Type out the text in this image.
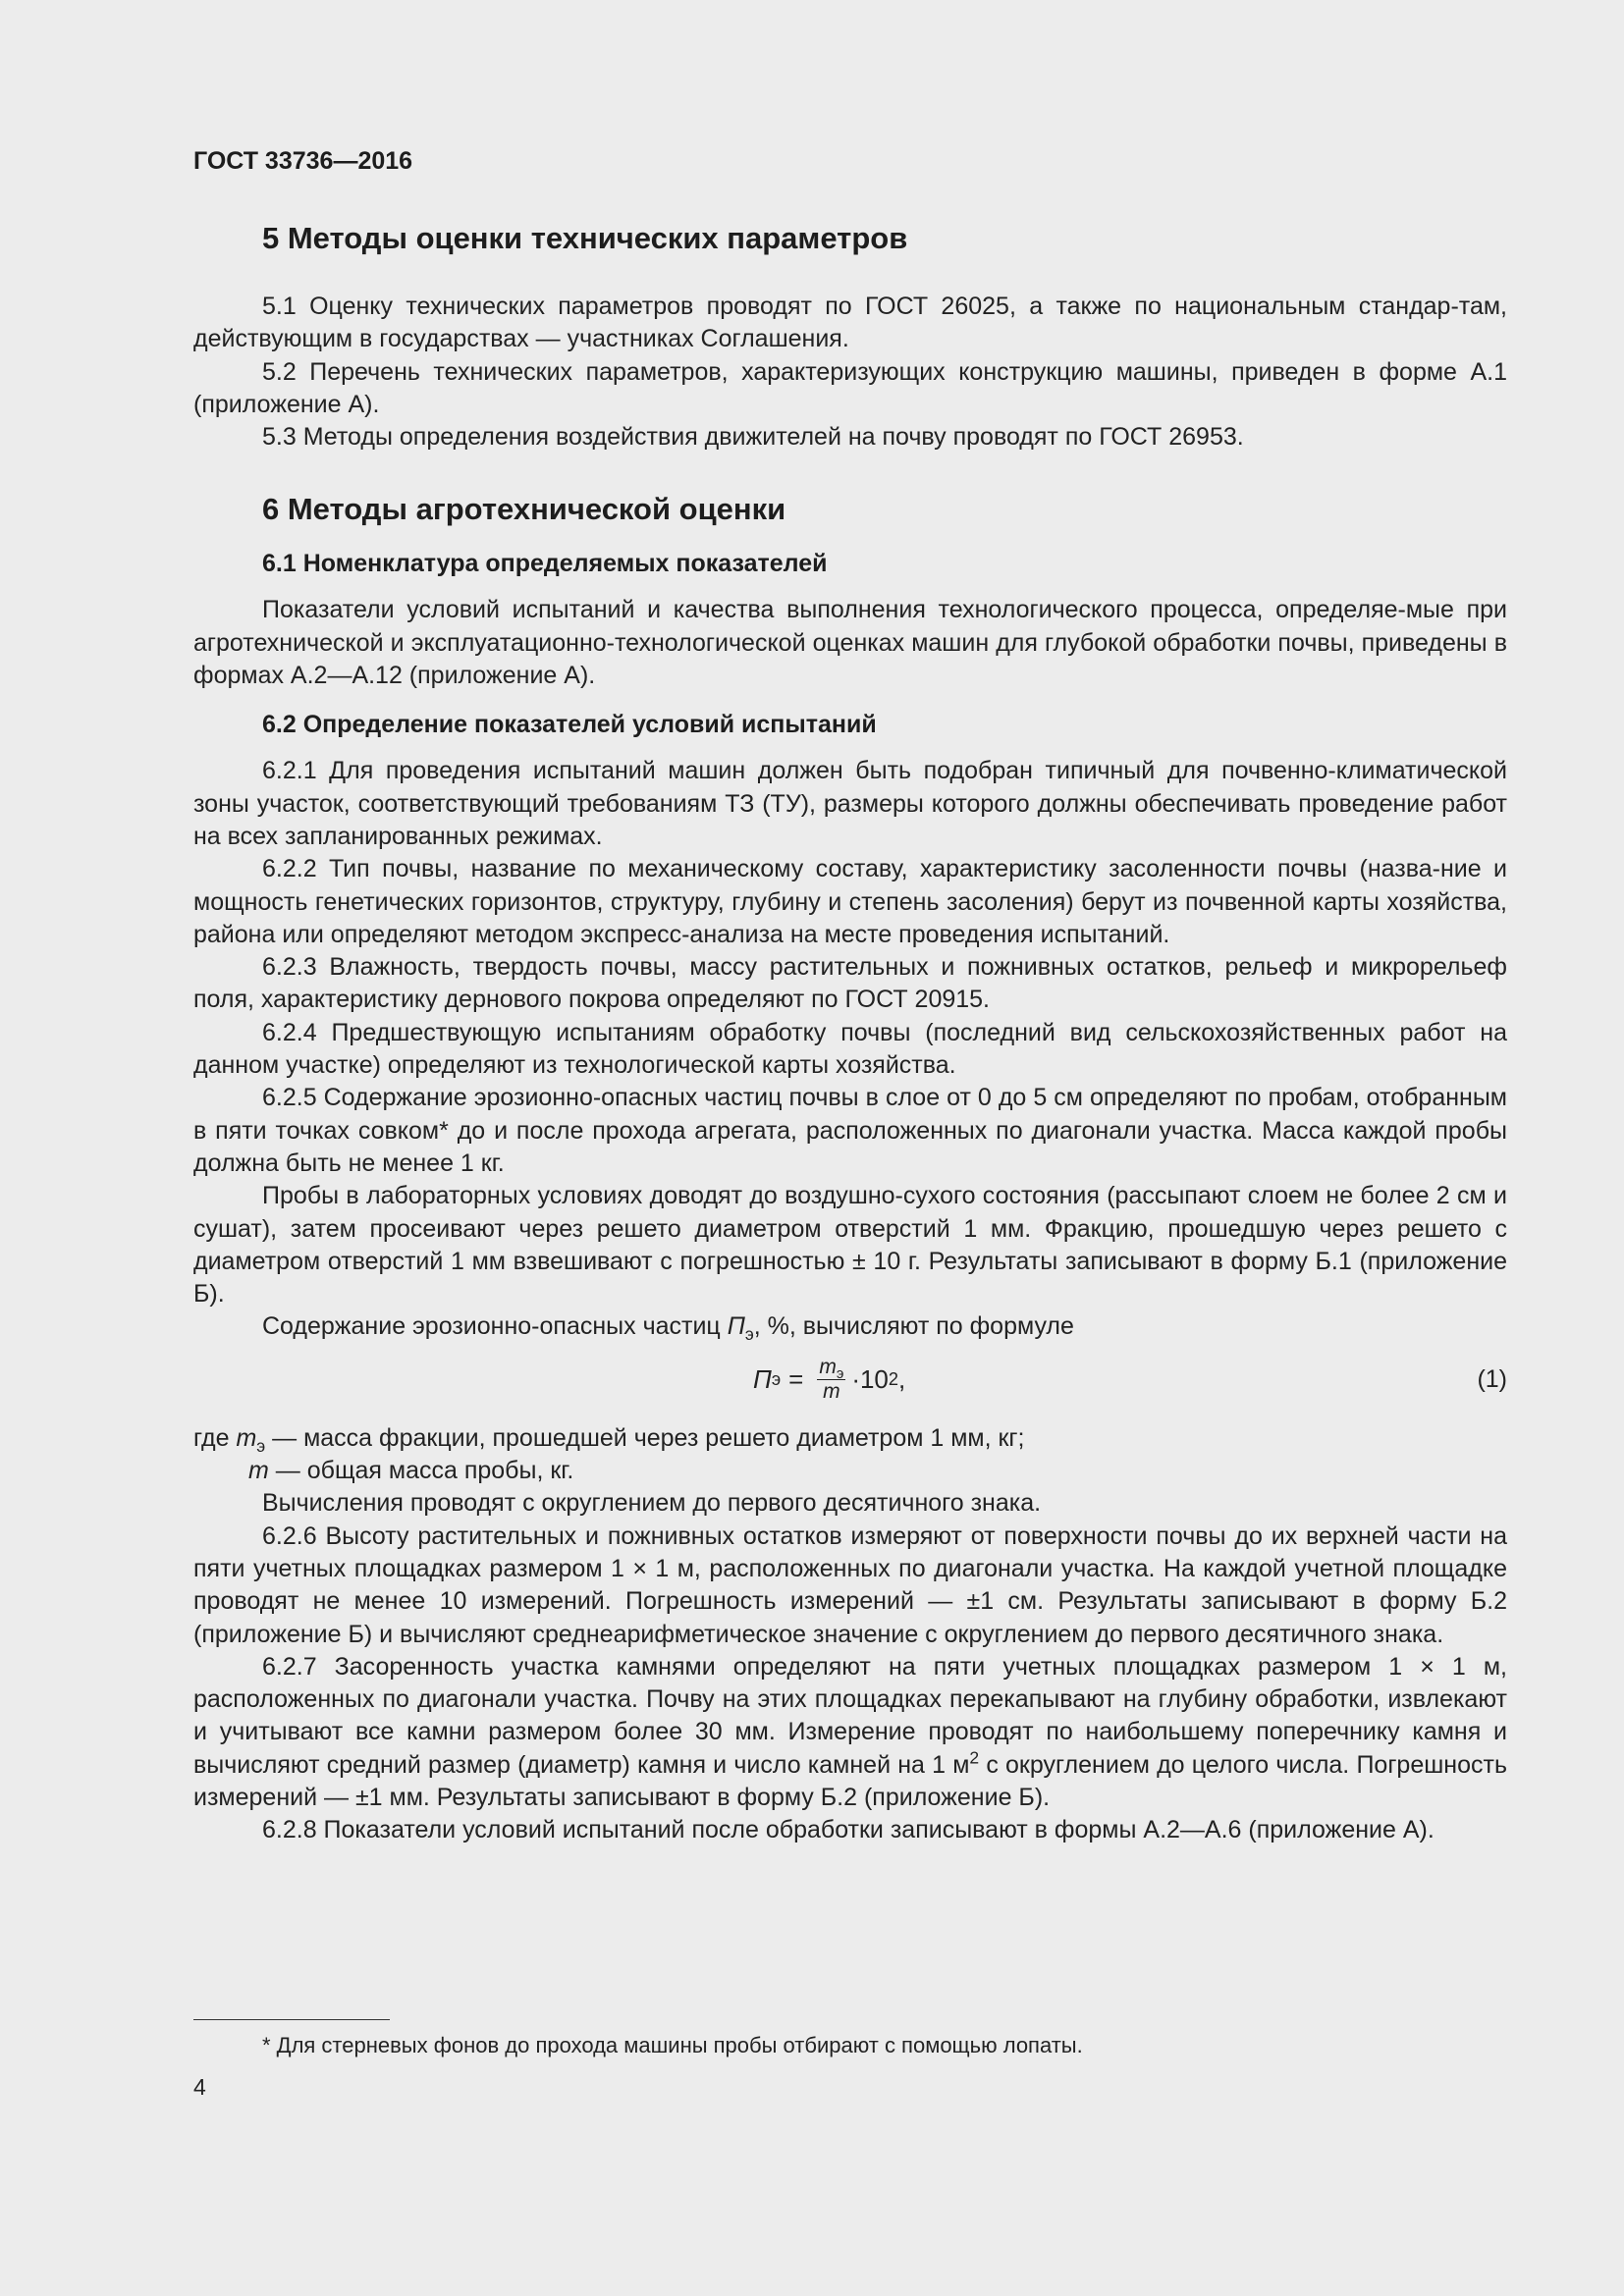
ГОСТ 33736—2016
5 Методы оценки технических параметров

5.1 Оценку технических параметров проводят по ГОСТ 26025, а также по национальным стандар-там, действующим в государствах — участниках Соглашения.

5.2 Перечень технических параметров, характеризующих конструкцию машины, приведен в форме А.1 (приложение А).

5.3 Методы определения воздействия движителей на почву проводят по ГОСТ 26953.

6 Методы агротехнической оценки
6.1 Номенклатура определяемых показателей

Показатели условий испытаний и качества выполнения технологического процесса, определяе-мые при агротехнической и эксплуатационно-технологической оценках машин для глубокой обработки почвы, приведены в формах А.2—А.12 (приложение А).

6.2 Определение показателей условий испытаний

6.2.1 Для проведения испытаний машин должен быть подобран типичный для почвенно-климатической зоны участок, соответствующий требованиям ТЗ (ТУ), размеры которого должны обеспечивать проведение работ на всех запланированных режимах.

6.2.2 Тип почвы, название по механическому составу, характеристику засоленности почвы (назва-ние и мощность генетических горизонтов, структуру, глубину и степень засоления) берут из почвенной карты хозяйства, района или определяют методом экспресс-анализа на месте проведения испытаний.

6.2.3 Влажность, твердость почвы, массу растительных и пожнивных остатков, рельеф и микрорельеф поля, характеристику дернового покрова определяют по ГОСТ 20915.

6.2.4 Предшествующую испытаниям обработку почвы (последний вид сельскохозяйственных работ на данном участке) определяют из технологической карты хозяйства.

6.2.5 Содержание эрозионно-опасных частиц почвы в слое от 0 до 5 см определяют по пробам, отобранным в пяти точках совком* до и после прохода агрегата, расположенных по диагонали участка. Масса каждой пробы должна быть не менее 1 кг.

Пробы в лабораторных условиях доводят до воздушно-сухого состояния (рассыпают слоем не более 2 см и сушат), затем просеивают через решето диаметром отверстий 1 мм. Фракцию, прошедшую через решето с диаметром отверстий 1 мм взвешивают с погрешностью ± 10 г. Результаты записывают в форму Б.1 (приложение Б).

Содержание эрозионно-опасных частиц $П_э$, %, вычисляют по формуле

П $э = \frac{m_э}{m} \cdot 10$ 2 ,	(1)

где $m_э$ — масса фракции, прошедшей через решето диаметром 1 мм, кг;

m — общая масса пробы, кг.

Вычисления проводят с округлением до первого десятичного знака.

6.2.6 Высоту растительных и пожнивных остатков измеряют от поверхности почвы до их верхней части на пяти учетных площадках размером 1 × 1 м, расположенных по диагонали участка. На каждой учетной площадке проводят не менее 10 измерений. Погрешность измерений — ±1 см. Результаты записывают в форму Б.2 (приложение Б) и вычисляют среднеарифметическое значение с округлением до первого десятичного знака.

6.2.7 Засоренность участка камнями определяют на пяти учетных площадках размером 1 × 1 м, расположенных по диагонали участка. Почву на этих площадках перекапывают на глубину обработки, извлекают и учитывают все камни размером более 30 мм. Измерение проводят по наибольшему поперечнику камня и вычисляют средний размер (диаметр) камня и число камней на 1 $м^2$ с округлением до целого числа. Погрешность измерений — ±1 мм. Результаты записывают в форму Б.2 (приложение Б).

6.2.8 Показатели условий испытаний после обработки записывают в формы А.2—А.6 (приложение А).

* Для стерневых фонов до прохода машины пробы отбирают с помощью лопаты.
4
